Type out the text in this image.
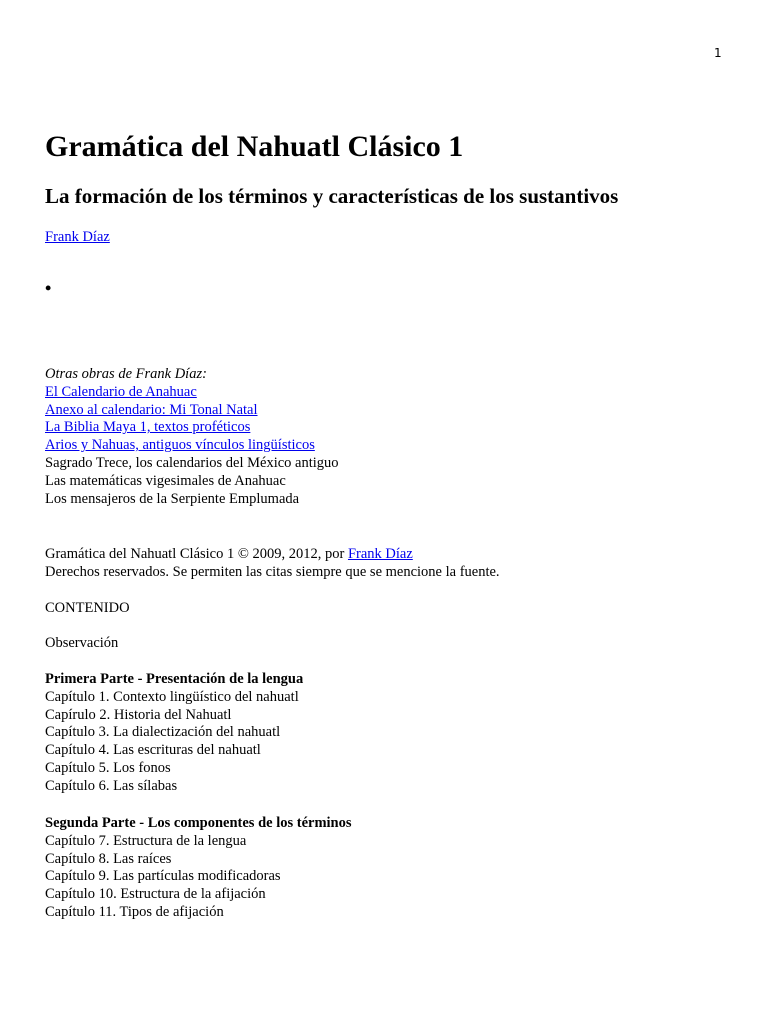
1
Gramática del Nahuatl Clásico 1
La formación de los términos y características de los sustantivos
Frank Díaz
•
Otras obras de Frank Díaz:
El Calendario de Anahuac
Anexo al calendario: Mi Tonal Natal
La Biblia Maya 1, textos proféticos
Arios y Nahuas, antiguos vínculos lingüísticos
Sagrado Trece, los calendarios del México antiguo
Las matemáticas vigesimales de Anahuac
Los mensajeros de la Serpiente Emplumada
Gramática del Nahuatl Clásico 1 © 2009, 2012, por Frank Díaz
Derechos reservados. Se permiten las citas siempre que se mencione la fuente.
CONTENIDO
Observación
Primera Parte - Presentación de la lengua
Capítulo 1. Contexto lingüístico del nahuatl
Capírulo 2. Historia del Nahuatl
Capítulo 3. La dialectización del nahuatl
Capítulo 4. Las escrituras del nahuatl
Capítulo 5. Los fonos
Capítulo 6. Las sílabas
Segunda Parte - Los componentes de los términos
Capítulo 7. Estructura de la lengua
Capítulo 8. Las raíces
Capítulo 9. Las partículas modificadoras
Capítulo 10. Estructura de la afijación
Capítulo 11. Tipos de afijación
